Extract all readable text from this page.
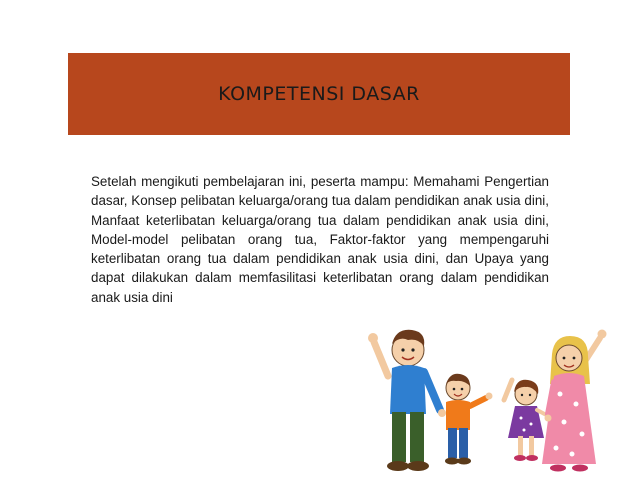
KOMPETENSI DASAR
Setelah mengikuti pembelajaran ini, peserta mampu: Memahami Pengertian dasar, Konsep pelibatan keluarga/orang tua dalam pendidikan anak usia dini, Manfaat keterlibatan keluarga/orang tua dalam pendidikan anak usia dini, Model-model pelibatan orang tua, Faktor-faktor yang mempengaruhi keterlibatan orang tua dalam pendidikan anak usia dini, dan Upaya yang dapat dilakukan dalam memfasilitasi keterlibatan orang dalam pendidikan anak usia dini
